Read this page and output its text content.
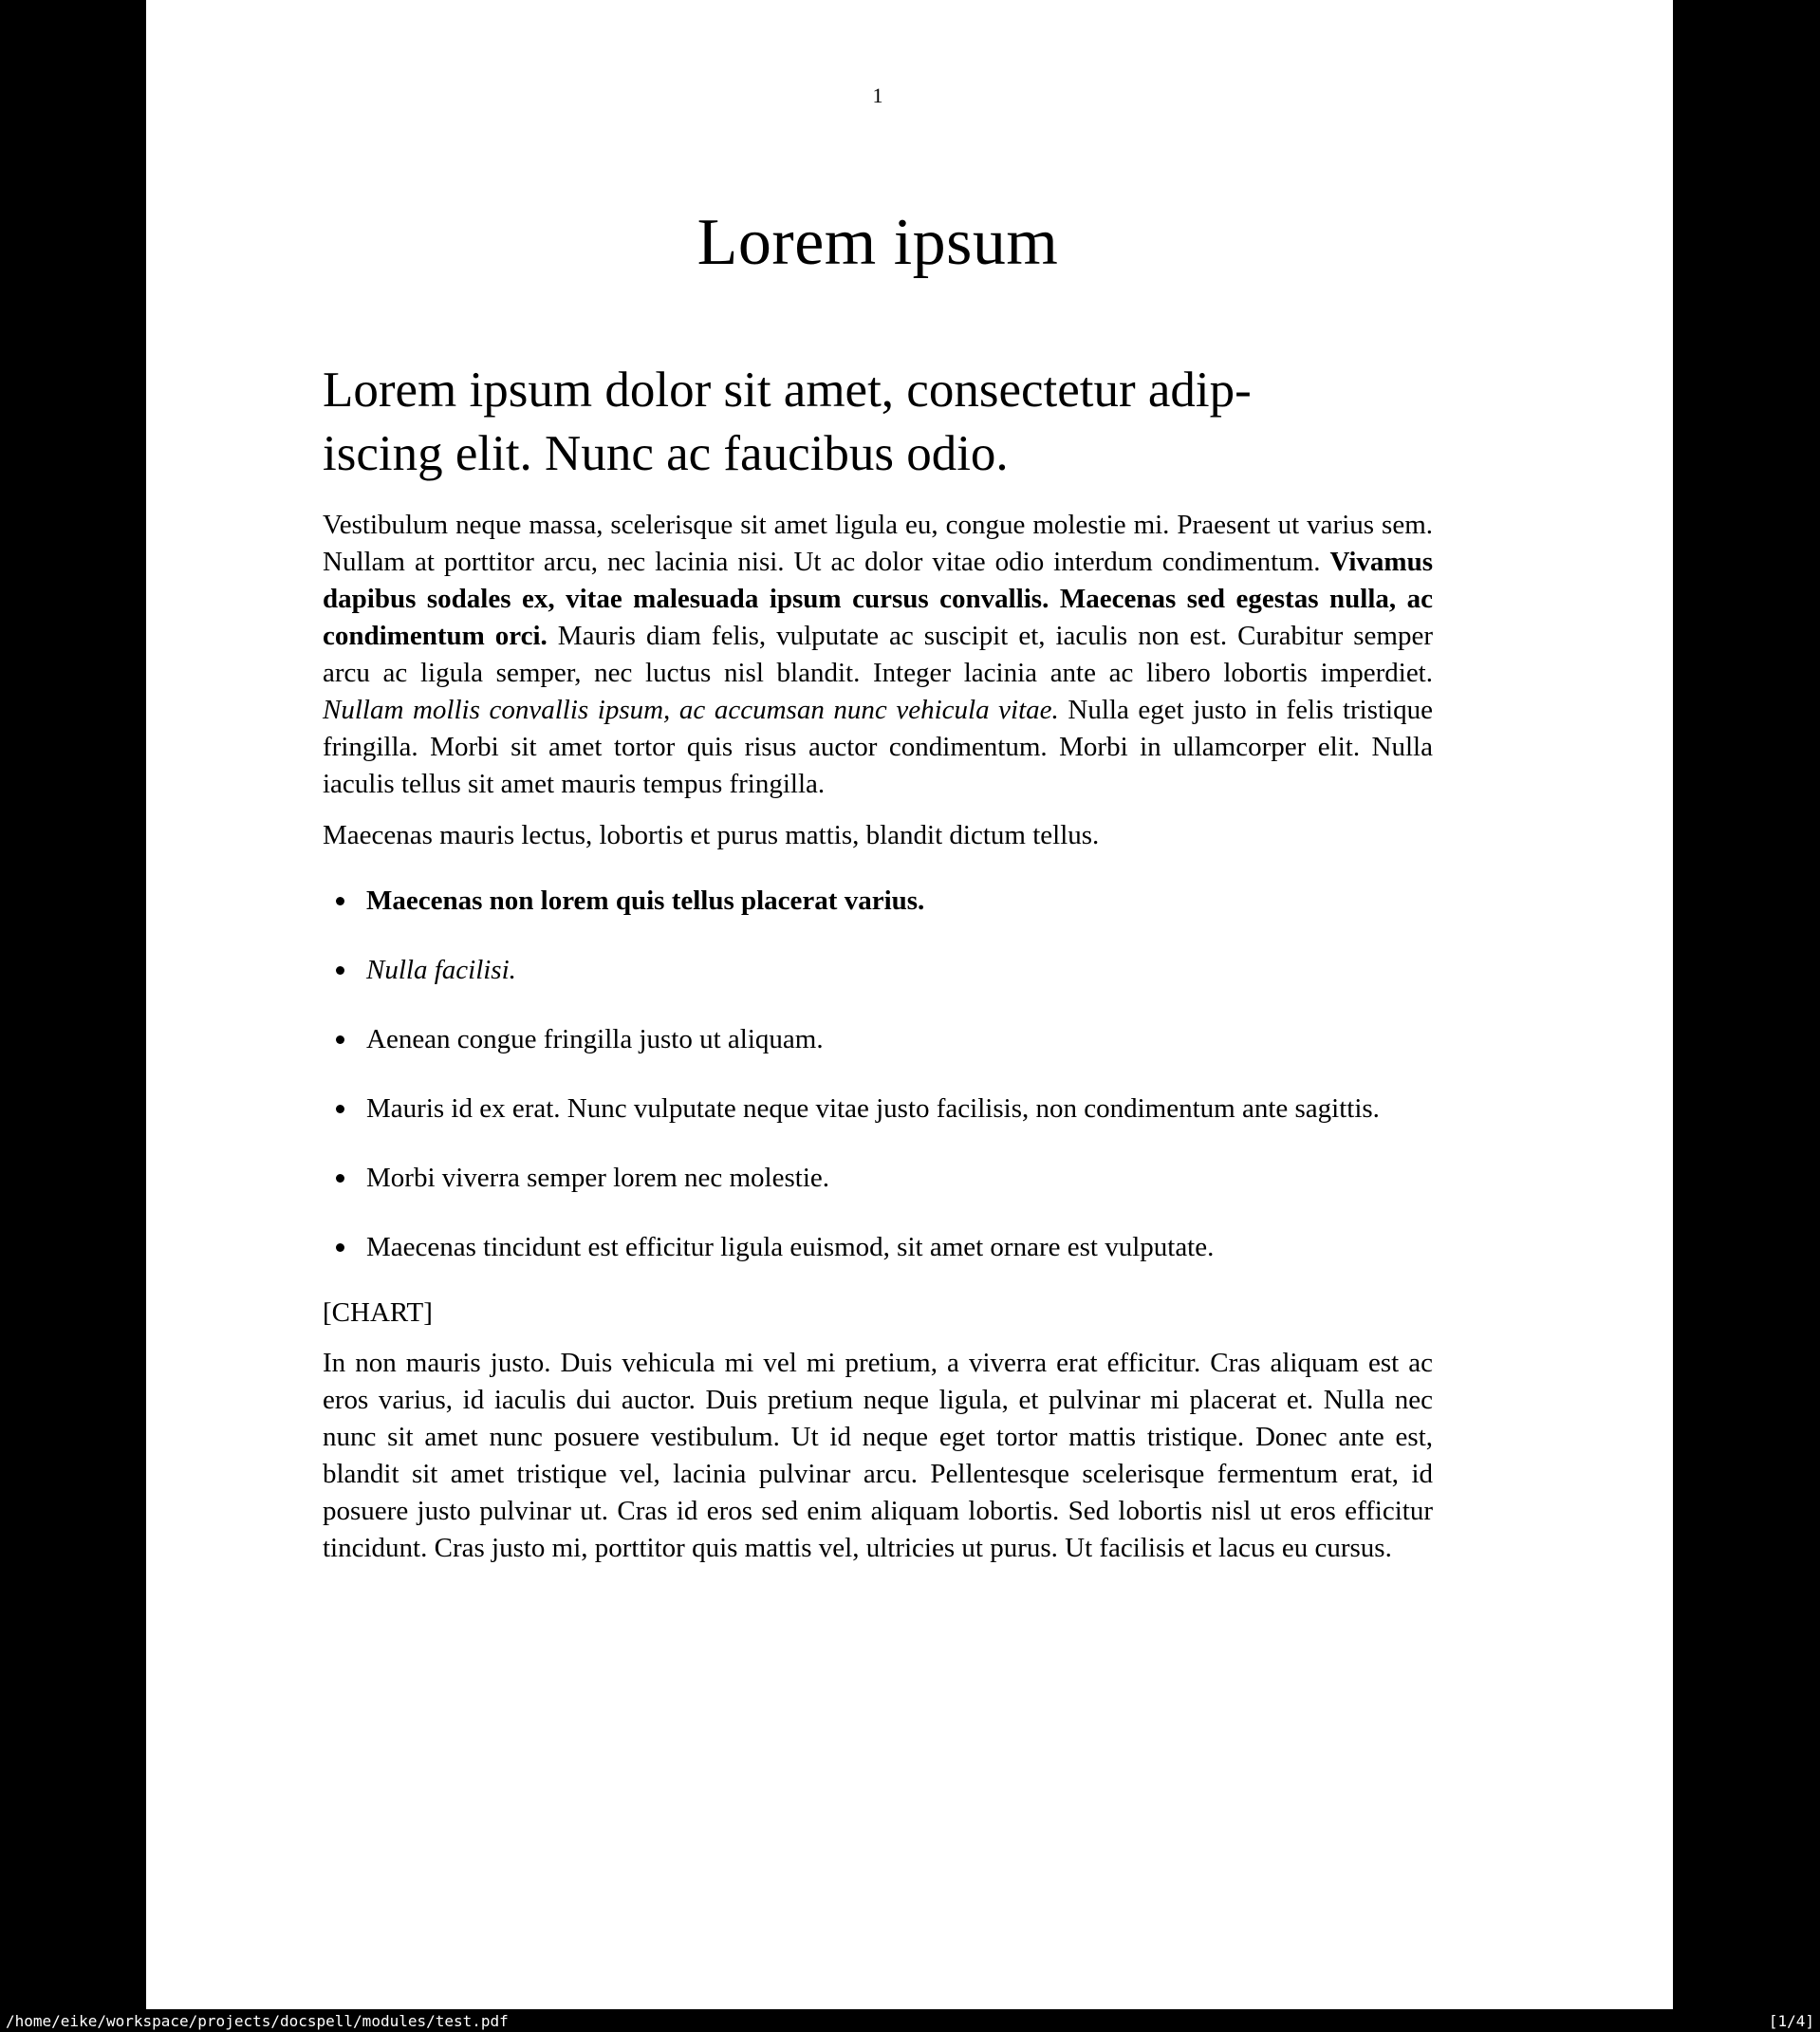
1
Lorem ipsum
Lorem ipsum dolor sit amet, consectetur adip-
iscing elit. Nunc ac faucibus odio.

Vestibulum neque massa, scelerisque sit amet ligula eu, congue molestie mi. Praesent ut varius sem. Nullam at porttitor arcu, nec lacinia nisi. Ut ac dolor vitae odio interdum condimentum. Vivamus dapibus sodales ex, vitae malesuada ipsum cursus convallis. Maecenas sed egestas nulla, ac condimentum orci. Mauris diam felis, vulputate ac suscipit et, iaculis non est. Curabitur semper arcu ac ligula semper, nec luctus nisl blandit. Integer lacinia ante ac libero lobortis imperdiet. Nullam mollis convallis ipsum, ac accumsan nunc vehicula vitae. Nulla eget justo in felis tristique fringilla. Morbi sit amet tortor quis risus auctor condimentum. Morbi in ullamcorper elit. Nulla iaculis tellus sit amet mauris tempus fringilla.

Maecenas mauris lectus, lobortis et purus mattis, blandit dictum tellus.

Maecenas non lorem quis tellus placerat varius.
Nulla facilisi.
Aenean congue fringilla justo ut aliquam.
Mauris id ex erat. Nunc vulputate neque vitae justo facilisis, non condimentum ante sagittis.
Morbi viverra semper lorem nec molestie.
Maecenas tincidunt est efficitur ligula euismod, sit amet ornare est vulputate.

[CHART]

In non mauris justo. Duis vehicula mi vel mi pretium, a viverra erat efficitur. Cras aliquam est ac eros varius, id iaculis dui auctor. Duis pretium neque ligula, et pulvinar mi placerat et. Nulla nec nunc sit amet nunc posuere vestibulum. Ut id neque eget tortor mattis tristique. Donec ante est, blandit sit amet tristique vel, lacinia pulvinar arcu. Pellentesque scelerisque fermentum erat, id posuere justo pulvinar ut. Cras id eros sed enim aliquam lobortis. Sed lobortis nisl ut eros efficitur tincidunt. Cras justo mi, porttitor quis mattis vel, ultricies ut purus. Ut facilisis et lacus eu cursus.

/home/eike/workspace/projects/docspell/modules/test.pdf	[1/4]
